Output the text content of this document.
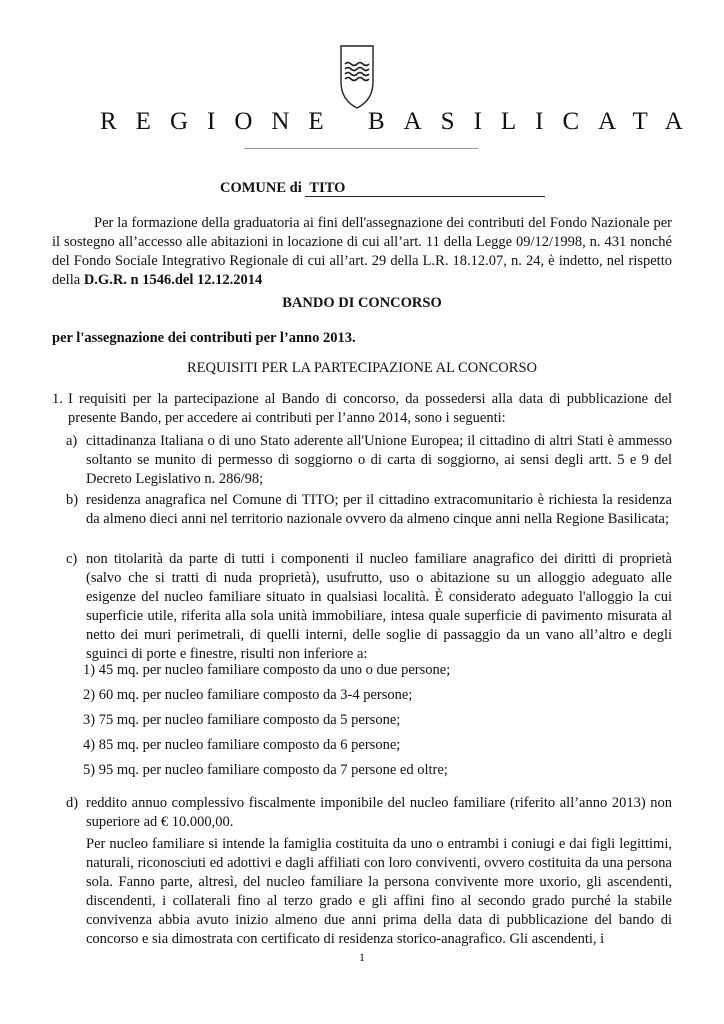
REGIONE BASILICATA
COMUNE di TITO
Per la formazione della graduatoria ai fini dell'assegnazione dei contributi del Fondo Nazionale per il sostegno all’accesso alle abitazioni in locazione di cui all’art. 11 della Legge 09/12/1998, n. 431 nonché del Fondo Sociale Integrativo Regionale di cui all’art. 29 della L.R. 18.12.07, n. 24, è indetto, nel rispetto della D.G.R. n 1546.del 12.12.2014
BANDO DI CONCORSO
per l'assegnazione dei contributi per l’anno 2013.
REQUISITI PER LA PARTECIPAZIONE AL CONCORSO
1. I requisiti per la partecipazione al Bando di concorso, da possedersi alla data di pubblicazione del presente Bando, per accedere ai contributi per l’anno 2014, sono i seguenti:
a) cittadinanza Italiana o di uno Stato aderente all'Unione Europea; il cittadino di altri Stati è ammesso soltanto se munito di permesso di soggiorno o di carta di soggiorno, ai sensi degli artt. 5 e 9 del Decreto Legislativo n. 286/98;
b) residenza anagrafica nel Comune di TITO; per il cittadino extracomunitario è richiesta la residenza da almeno dieci anni nel territorio nazionale ovvero da almeno cinque anni nella Regione Basilicata;
c) non titolarità da parte di tutti i componenti il nucleo familiare anagrafico dei diritti di proprietà (salvo che si tratti di nuda proprietà), usufrutto, uso o abitazione su un alloggio adeguato alle esigenze del nucleo familiare situato in qualsiasi località. È considerato adeguato l'alloggio la cui superficie utile, riferita alla sola unità immobiliare, intesa quale superficie di pavimento misurata al netto dei muri perimetrali, di quelli interni, delle soglie di passaggio da un vano all’altro e degli sguinci di porte e finestre, risulti non inferiore a:
1) 45 mq. per nucleo familiare composto da uno o due persone;
2) 60 mq. per nucleo familiare composto da 3-4 persone;
3) 75 mq. per nucleo familiare composto da 5 persone;
4) 85 mq. per nucleo familiare composto da 6 persone;
5) 95 mq. per nucleo familiare composto da 7 persone ed oltre;
d) reddito annuo complessivo fiscalmente imponibile del nucleo familiare (riferito all’anno 2013) non superiore ad € 10.000,00.
Per nucleo familiare si intende la famiglia costituita da uno o entrambi i coniugi e dai figli legittimi, naturali, riconosciuti ed adottivi e dagli affiliati con loro conviventi, ovvero costituita da una persona sola. Fanno parte, altresì, del nucleo familiare la persona convivente more uxorio, gli ascendenti, discendenti, i collaterali fino al terzo grado e gli affini fino al secondo grado purché la stabile convivenza abbia avuto inizio almeno due anni prima della data di pubblicazione del bando di concorso e sia dimostrata con certificato di residenza storico-anagrafico. Gli ascendenti, i
1
